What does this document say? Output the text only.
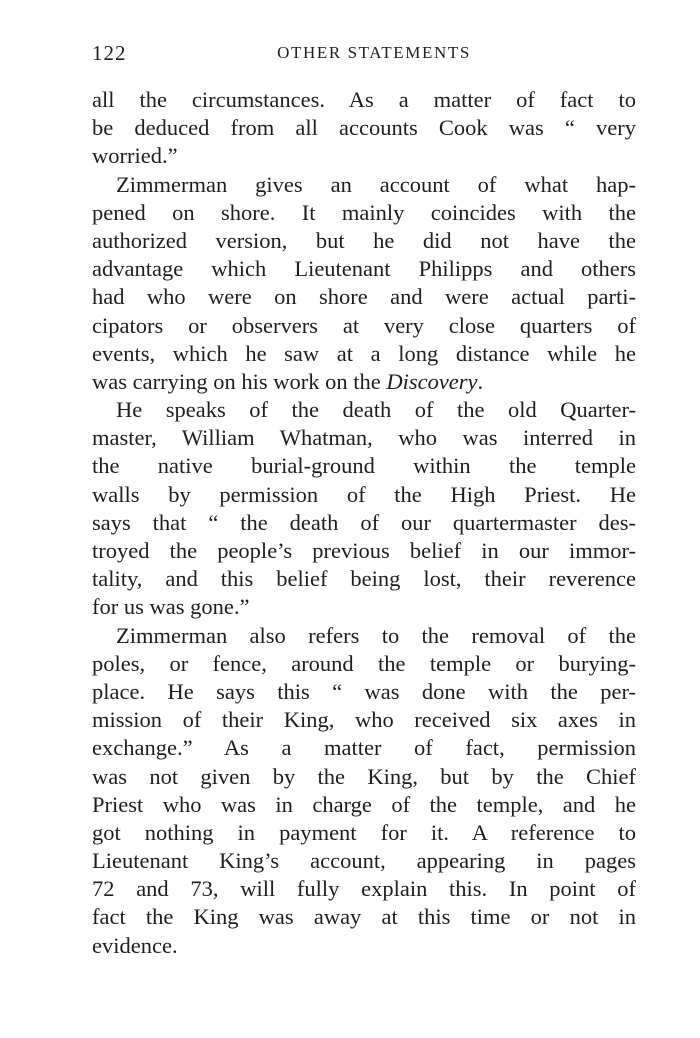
122	OTHER STATEMENTS
all the circumstances. As a matter of fact to
be deduced from all accounts Cook was “ very
worried.”
Zimmerman gives an account of what hap-
pened on shore. It mainly coincides with the
authorized version, but he did not have the
advantage which Lieutenant Philipps and others
had who were on shore and were actual parti-
cipators or observers at very close quarters of
events, which he saw at a long distance while he
was carrying on his work on the Discovery.
He speaks of the death of the old Quarter-
master, William Whatman, who was interred in
the native burial-ground within the temple
walls by permission of the High Priest. He
says that “ the death of our quartermaster des-
troyed the people’s previous belief in our immor-
tality, and this belief being lost, their reverence
for us was gone.”
Zimmerman also refers to the removal of the
poles, or fence, around the temple or burying-
place. He says this “ was done with the per-
mission of their King, who received six axes in
exchange.” As a matter of fact, permission
was not given by the King, but by the Chief
Priest who was in charge of the temple, and he
got nothing in payment for it. A reference to
Lieutenant King’s account, appearing in pages
72 and 73, will fully explain this. In point of
fact the King was away at this time or not in
evidence.
